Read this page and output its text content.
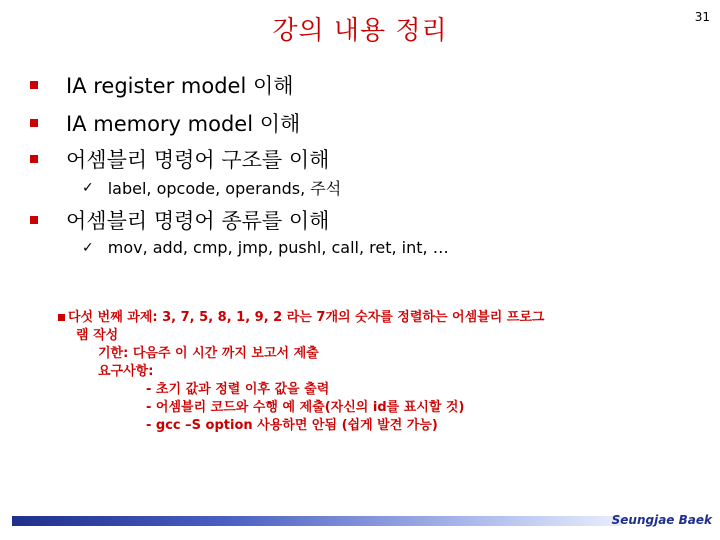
강의 내용 정리	31
IA register model 이해
IA memory model 이해
어셈블리 명령어 구조를 이해
✓ label, opcode, operands, 주석
어셈블리 명령어 종류를 이해
✓ mov, add, cmp, jmp, pushl, call, ret, int, …
다섯 번째 과제: 3, 7, 5, 8, 1, 9, 2 라는 7개의 숫자를 정렬하는 어셈블리 프로그
램 작성
기한: 다음주 이 시간 까지 보고서 제출
요구사항:
- 초기 값과 정렬 이후 값을 출력
- 어셈블리 코드와 수행 예 제출(자신의 id를 표시할 것)
- gcc –S option 사용하면 안됨 (쉽게 발견 가능)
Seungjae Baek
